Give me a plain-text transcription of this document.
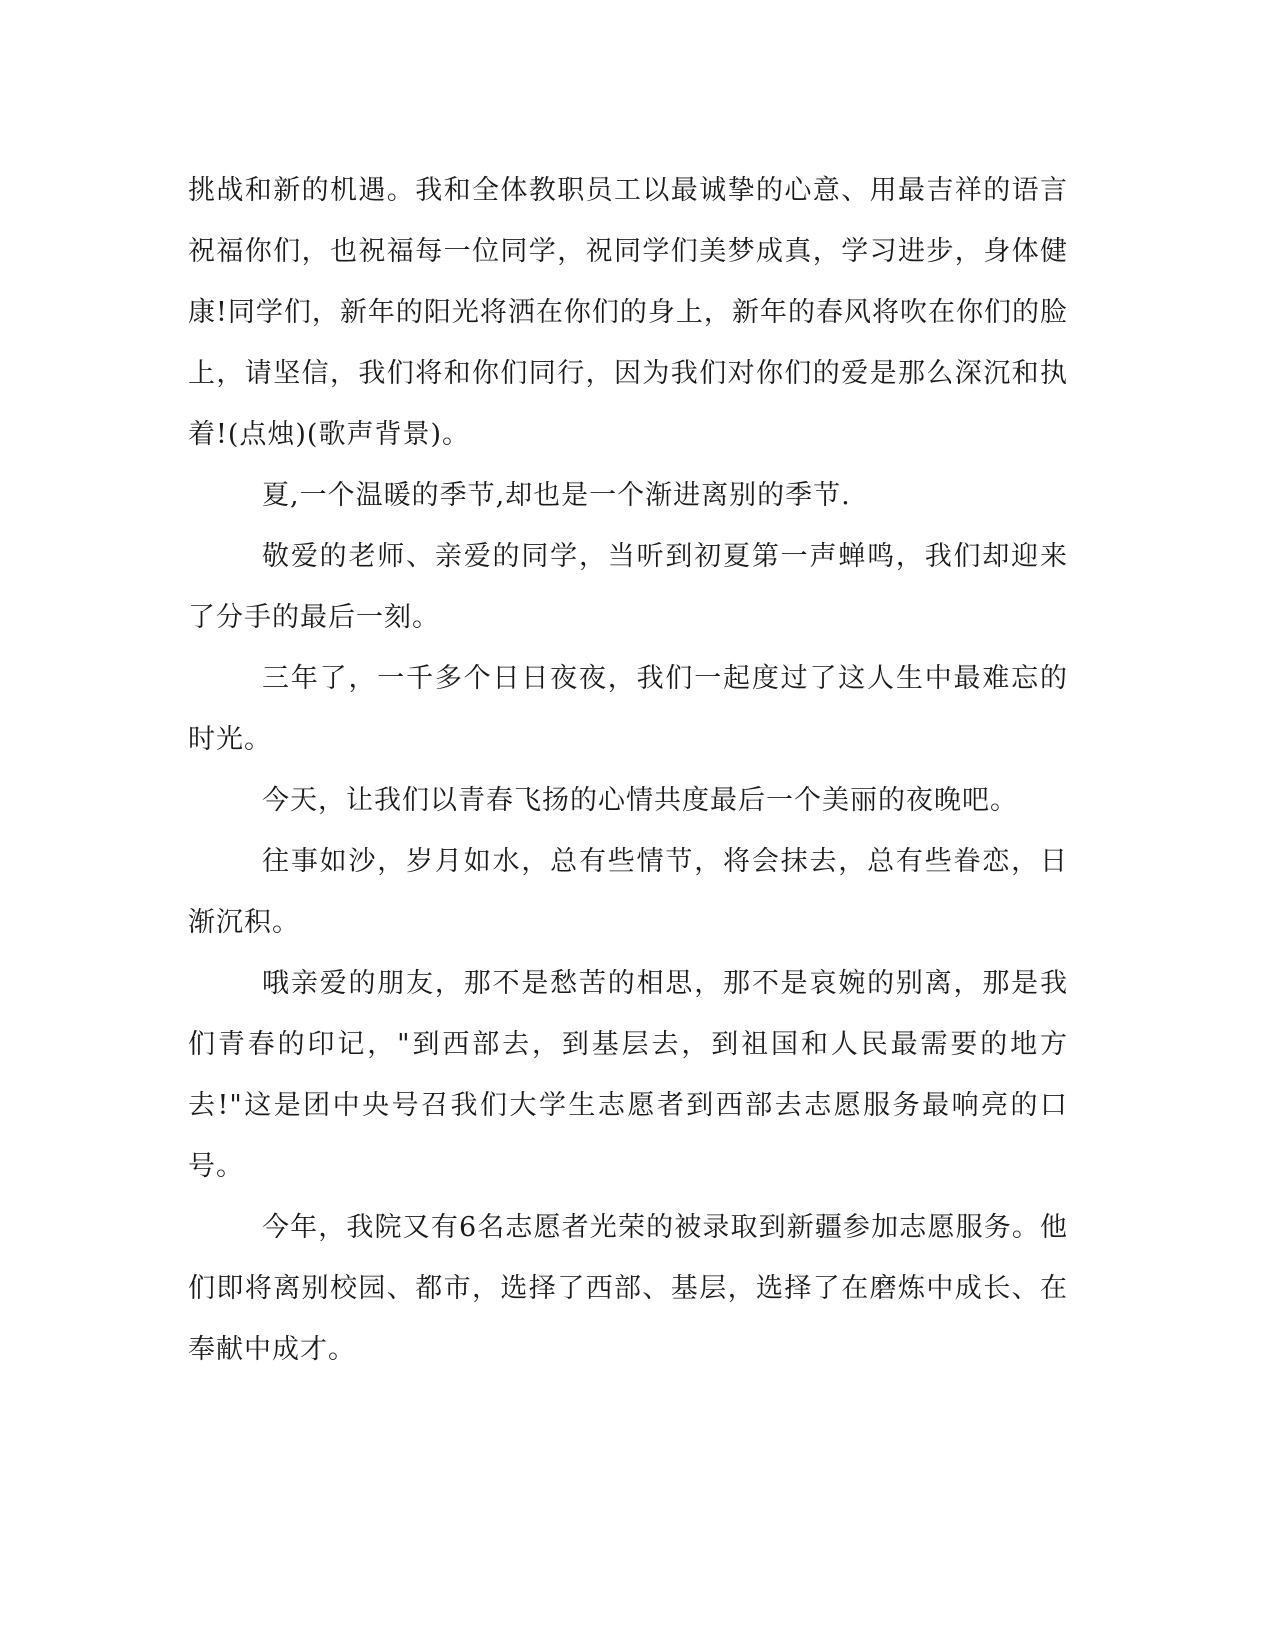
挑战和新的机遇。我和全体教职员工以最诚挚的心意、用最吉祥的语言祝福你们，也祝福每一位同学，祝同学们美梦成真，学习进步，身体健康!同学们，新年的阳光将洒在你们的身上，新年的春风将吹在你们的脸上，请坚信，我们将和你们同行，因为我们对你们的爱是那么深沉和执着!(点烛)(歌声背景)。

夏,一个温暖的季节,却也是一个渐进离别的季节.

敬爱的老师、亲爱的同学，当听到初夏第一声蝉鸣，我们却迎来了分手的最后一刻。

三年了，一千多个日日夜夜，我们一起度过了这人生中最难忘的时光。

今天，让我们以青春飞扬的心情共度最后一个美丽的夜晚吧。

往事如沙，岁月如水，总有些情节，将会抹去，总有些眷恋，日渐沉积。

哦亲爱的朋友，那不是愁苦的相思，那不是哀婉的别离，那是我们青春的印记，"到西部去，到基层去，到祖国和人民最需要的地方去!"这是团中央号召我们大学生志愿者到西部去志愿服务最响亮的口号。

今年，我院又有6名志愿者光荣的被录取到新疆参加志愿服务。他们即将离别校园、都市，选择了西部、基层，选择了在磨炼中成长、在奉献中成才。
